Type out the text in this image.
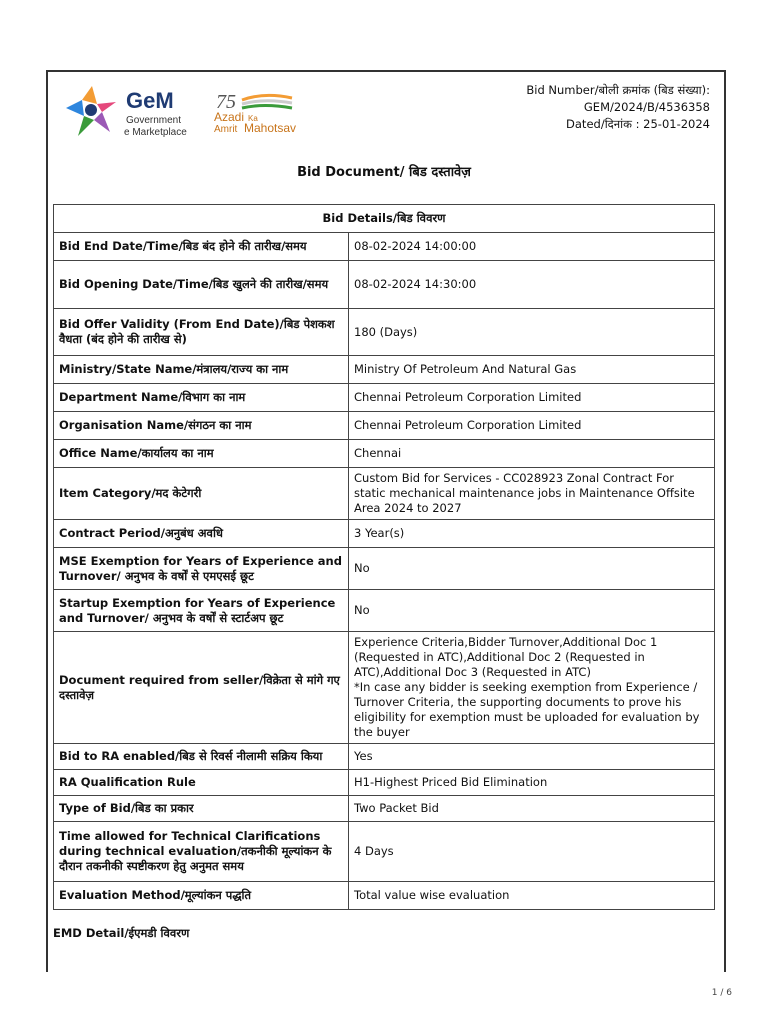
GeM
Government
e Marketplace
75
Azadi Ka
Amrit Mahotsav
Bid Number/बोली क्रमांक (बिड संख्या):
GEM/2024/B/4536358
Dated/दिनांक : 25-01-2024
Bid Document/ बिड दस्तावेज़
Bid Details/बिड विवरण	
Bid End Date/Time/बिड बंद होने की तारीख/समय	08-02-2024 14:00:00
Bid Opening Date/Time/बिड खुलने की तारीख/समय	08-02-2024 14:30:00
Bid Offer Validity (From End Date)/बिड पेशकश वैधता (बंद होने की तारीख से)	180 (Days)
Ministry/State Name/मंत्रालय/राज्य का नाम	Ministry Of Petroleum And Natural Gas
Department Name/विभाग का नाम	Chennai Petroleum Corporation Limited
Organisation Name/संगठन का नाम	Chennai Petroleum Corporation Limited
Office Name/कार्यालय का नाम	Chennai
Item Category/मद केटेगरी	Custom Bid for Services - CC028923 Zonal Contract For static mechanical maintenance jobs in Maintenance Offsite Area 2024 to 2027
Contract Period/अनुबंध अवधि	3 Year(s)
MSE Exemption for Years of Experience and Turnover/ अनुभव के वर्षों से एमएसई छूट	No
Startup Exemption for Years of Experience and Turnover/ अनुभव के वर्षों से स्टार्टअप छूट	No
Document required from seller/विक्रेता से मांगे गए दस्तावेज़	Experience Criteria,Bidder Turnover,Additional Doc 1 (Requested in ATC),Additional Doc 2 (Requested in ATC),Additional Doc 3 (Requested in ATC)
*In case any bidder is seeking exemption from Experience / Turnover Criteria, the supporting documents to prove his eligibility for exemption must be uploaded for evaluation by the buyer
Bid to RA enabled/बिड से रिवर्स नीलामी सक्रिय किया	Yes
RA Qualification Rule	H1-Highest Priced Bid Elimination
Type of Bid/बिड का प्रकार	Two Packet Bid
Time allowed for Technical Clarifications during technical evaluation/तकनीकी मूल्यांकन के दौरान तकनीकी स्पष्टीकरण हेतु अनुमत समय	4 Days
Evaluation Method/मूल्यांकन पद्धति	Total value wise evaluation
EMD Detail/ईएमडी विवरण
1 / 6
